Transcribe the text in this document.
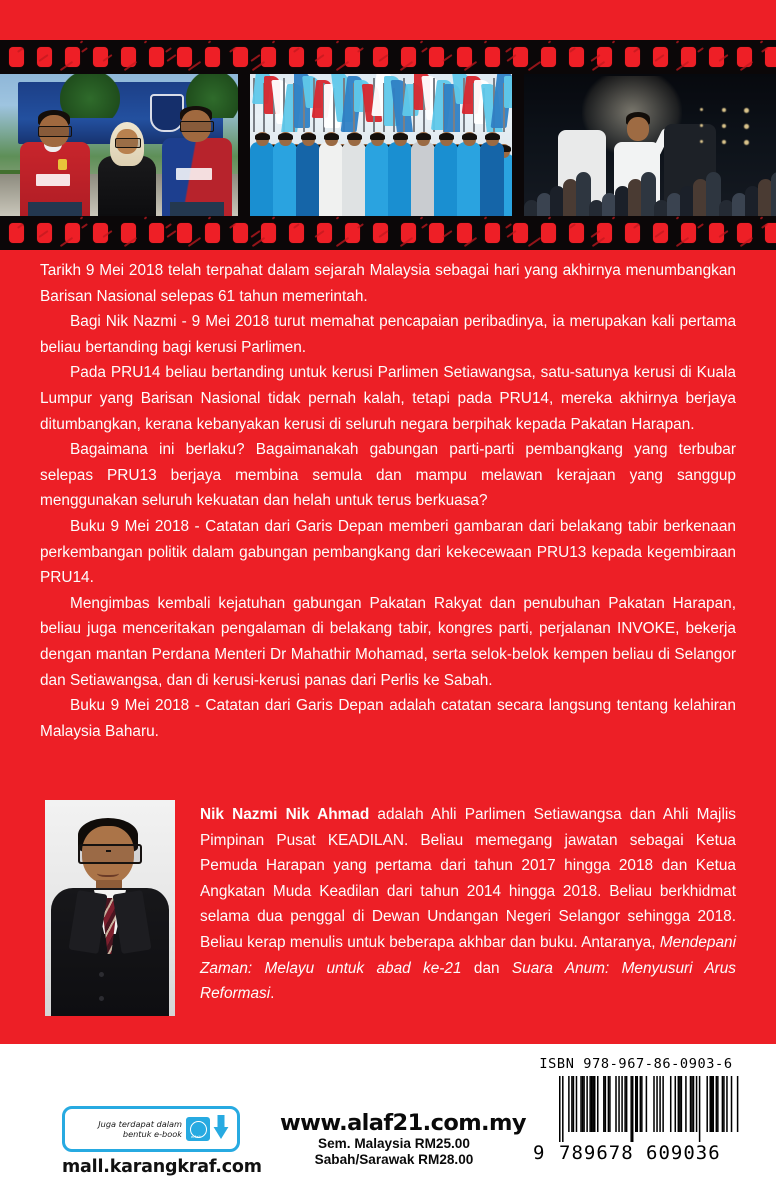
Tarikh 9 Mei 2018 telah terpahat dalam sejarah Malaysia sebagai hari yang akhirnya menumbangkan Barisan Nasional selepas 61 tahun memerintah.

Bagi Nik Nazmi - 9 Mei 2018 turut memahat pencapaian peribadinya, ia merupakan kali pertama beliau bertanding bagi kerusi Parlimen.

Pada PRU14 beliau bertanding untuk kerusi Parlimen Setiawangsa, satu-satunya kerusi di Kuala Lumpur yang Barisan Nasional tidak pernah kalah, tetapi pada PRU14, mereka akhirnya berjaya ditumbangkan, kerana kebanyakan kerusi di seluruh negara berpihak kepada Pakatan Harapan.

Bagaimana ini berlaku? Bagaimanakah gabungan parti-parti pembangkang yang terbubar selepas PRU13 berjaya membina semula dan mampu melawan kerajaan yang sanggup menggunakan seluruh kekuatan dan helah untuk terus berkuasa?

Buku 9 Mei 2018 - Catatan dari Garis Depan memberi gambaran dari belakang tabir berkenaan perkembangan politik dalam gabungan pembangkang dari kekecewaan PRU13 kepada kegembiraan PRU14.

Mengimbas kembali kejatuhan gabungan Pakatan Rakyat dan penubuhan Pakatan Harapan, beliau juga menceritakan pengalaman di belakang tabir, kongres parti, perjalanan INVOKE, bekerja dengan mantan Perdana Menteri Dr Mahathir Mohamad, serta selok-belok kempen beliau di Selangor dan Setiawangsa, dan di kerusi-kerusi panas dari Perlis ke Sabah.

Buku 9 Mei 2018 - Catatan dari Garis Depan adalah catatan secara langsung tentang kelahiran Malaysia Baharu.

Nik Nazmi Nik Ahmad adalah Ahli Parlimen Setiawangsa dan Ahli Majlis Pimpinan Pusat KEADILAN. Beliau memegang jawatan sebagai Ketua Pemuda Harapan yang pertama dari tahun 2017 hingga 2018 dan Ketua Angkatan Muda Keadilan dari tahun 2014 hingga 2018. Beliau berkhidmat selama dua penggal di Dewan Undangan Negeri Selangor sehingga 2018. Beliau kerap menulis untuk beberapa akhbar dan buku. Antaranya, Mendepani Zaman: Melayu untuk abad ke-21 dan Suara Anum: Menyusuri Arus Reformasi.
Juga terdapat dalam
bentuk e-book	eMall
mall.karangkraf.com
www.alaf21.com.my
Sem. Malaysia RM25.00
Sabah/Sarawak RM28.00
ISBN 978-967-86-0903-6
9 789678 609036
